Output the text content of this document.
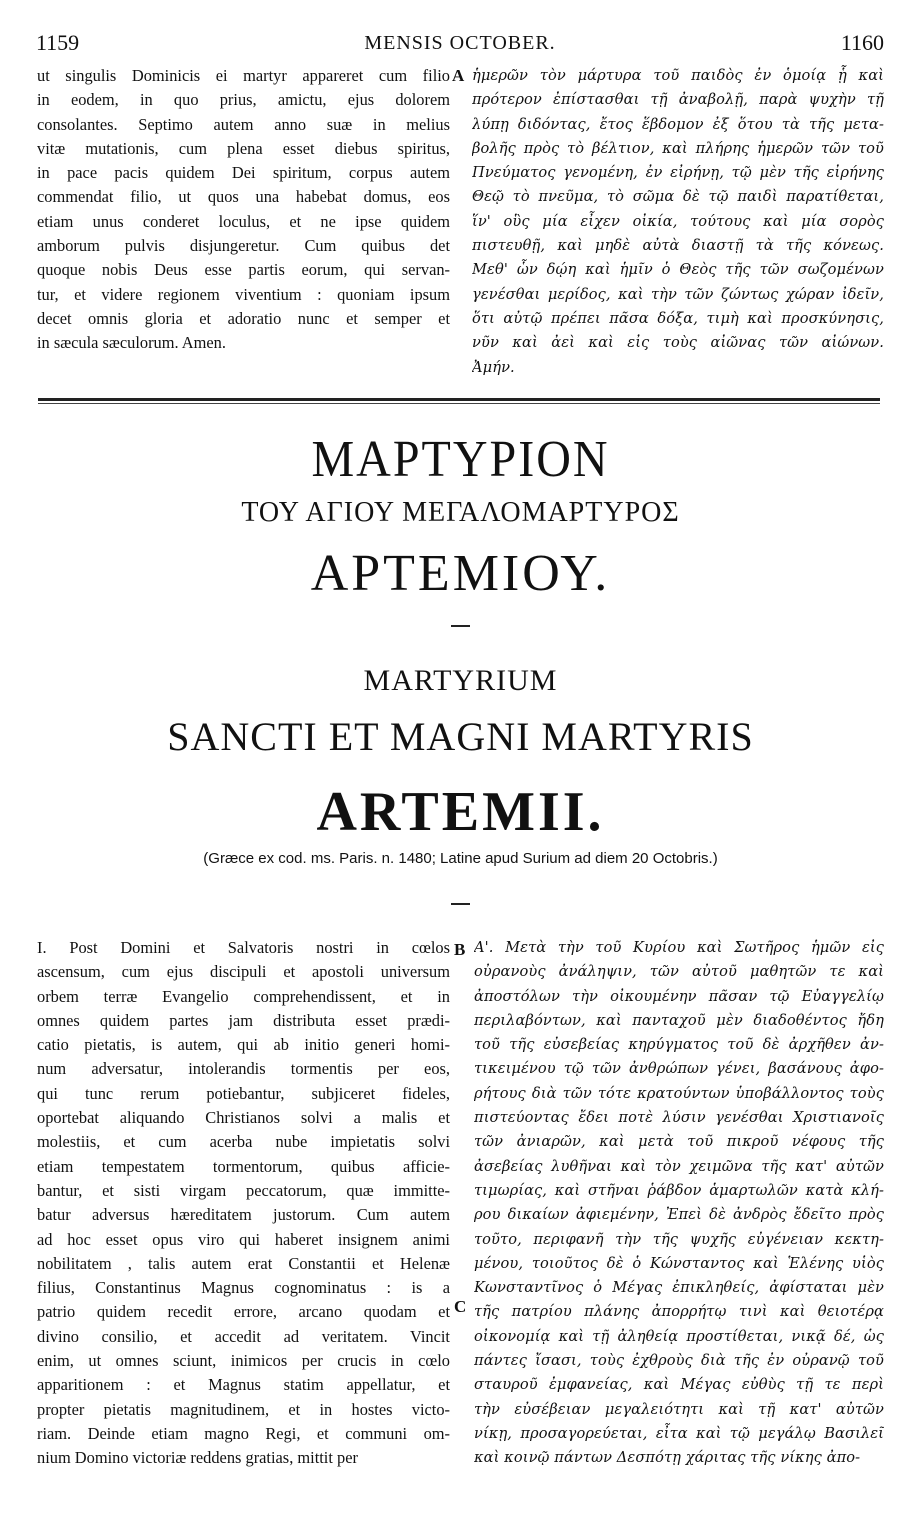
1159	MENSIS OCTOBER.	1160
ut singulis Dominicis ei martyr appareret cum filio
in eodem, in quo prius, amictu, ejus dolorem
consolantes. Septimo autem anno suæ in melius
vitæ mutationis, cum plena esset diebus spiritus,
in pace pacis quidem Dei spiritum, corpus autem
commendat filio, ut quos una habebat domus, eos
etiam unus conderet loculus, et ne ipse quidem
amborum pulvis disjungeretur. Cum quibus det
quoque nobis Deus esse partis eorum, qui servan-
tur, et videre regionem viventium : quoniam ipsum
decet omnis gloria et adoratio nunc et semper et
in sæcula sæculorum. Amen.
A ἡμερῶν τὸν μάρτυρα τοῦ παιδὸς ἐν ὁμοίᾳ ᾗ καὶ
πρότερον ἐπίστασθαι τῇ ἀναβολῇ, παρὰ ψυχὴν τῇ
λύπῃ διδόντας, ἔτος ἕβδομον ἐξ ὅτου τὰ τῆς μετα-
βολῆς πρὸς τὸ βέλτιον, καὶ πλήρης ἡμερῶν τῶν τοῦ
Πνεύματος γενομένη, ἐν εἰρήνῃ, τῷ μὲν τῆς εἰρήνης
Θεῷ τὸ πνεῦμα, τὸ σῶμα δὲ τῷ παιδὶ παρατίθεται,
ἵν' οὓς μία εἶχεν οἰκία, τούτους καὶ μία σορὸς
πιστευθῇ, καὶ μηδὲ αὐτὰ διαστῇ τὰ τῆς κόνεως.
Μεθ' ὧν δῴη καὶ ἡμῖν ὁ Θεὸς τῆς τῶν σωζομένων
γενέσθαι μερίδος, καὶ τὴν τῶν ζώντως χώραν ἰδεῖν,
ὅτι αὐτῷ πρέπει πᾶσα δόξα, τιμὴ καὶ προσκύνησις,
νῦν καὶ ἀεὶ καὶ εἰς τοὺς αἰῶνας τῶν αἰώνων.
Ἀμήν.
ΜΑΡΤΥΡΙΟΝ
ΤΟΥ ΑΓΙΟΥ ΜΕΓΑΛΟΜΑΡΤΥΡΟΣ
ΑΡΤΕΜΙΟΥ.
MARTYRIUM
SANCTI ET MAGNI MARTYRIS
ARTEMII.
(Græce ex cod. ms. Paris. n. 1480; Latine apud Surium ad diem 20 Octobris.)
I. Post Domini et Salvatoris nostri in cœlos
ascensum, cum ejus discipuli et apostoli universum
orbem terræ Evangelio comprehendissent, et in
omnes quidem partes jam distributa esset prædi-
catio pietatis, is autem, qui ab initio generi homi-
num adversatur, intolerandis tormentis per eos,
qui tunc rerum potiebantur, subjiceret fideles,
oportebat aliquando Christianos solvi a malis et
molestiis, et cum acerba nube impietatis solvi
etiam tempestatem tormentorum, quibus afficie-
bantur, et sisti virgam peccatorum, quæ immitte-
batur adversus hæreditatem justorum. Cum autem
ad hoc esset opus viro qui haberet insignem animi
nobilitatem , talis autem erat Constantii et Helenæ
filius, Constantinus Magnus cognominatus : is a
patrio quidem recedit errore, arcano quodam et
divino consilio, et accedit ad veritatem. Vincit
enim, ut omnes sciunt, inimicos per crucis in cœlo
apparitionem : et Magnus statim appellatur, et
propter pietatis magnitudinem, et in hostes victo-
riam. Deinde etiam magno Regi, et communi om-
nium Domino victoriæ reddens gratias, mittit per
B
C
Α'. Μετὰ τὴν τοῦ Κυρίου καὶ Σωτῆρος ἡμῶν εἰς
οὐρανοὺς ἀνάληψιν, τῶν αὐτοῦ μαθητῶν τε καὶ
ἀποστόλων τὴν οἰκουμένην πᾶσαν τῷ Εὐαγγελίῳ
περιλαβόντων, καὶ πανταχοῦ μὲν διαδοθέντος ἤδη
τοῦ τῆς εὐσεβείας κηρύγματος τοῦ δὲ ἀρχῆθεν ἀν-
τικειμένου τῷ τῶν ἀνθρώπων γένει, βασάνους ἀφο-
ρήτους διὰ τῶν τότε κρατούντων ὑποβάλλοντος τοὺς
πιστεύοντας ἔδει ποτὲ λύσιν γενέσθαι Χριστιανοῖς
τῶν ἀνιαρῶν, καὶ μετὰ τοῦ πικροῦ νέφους τῆς
ἀσεβείας λυθῆναι καὶ τὸν χειμῶνα τῆς κατ' αὐτῶν
τιμωρίας, καὶ στῆναι ῥάβδον ἁμαρτωλῶν κατὰ κλή-
ρου δικαίων ἀφιεμένην, Ἐπεὶ δὲ ἀνδρὸς ἔδεῖτο πρὸς
τοῦτο, περιφανῆ τὴν τῆς ψυχῆς εὐγένειαν κεκτη-
μένου, τοιοῦτος δὲ ὁ Κώνσταντος καὶ Ἑλένης υἱὸς
Κωνσταντῖνος ὁ Μέγας ἐπικληθείς, ἀφίσταται μὲν
τῆς πατρίου πλάνης ἀπορρήτῳ τινὶ καὶ θειοτέρᾳ
οἰκονομίᾳ καὶ τῇ ἀληθείᾳ προστίθεται, νικᾷ δέ, ὡς
πάντες ἴσασι, τοὺς ἐχθροὺς διὰ τῆς ἐν οὐρανῷ τοῦ
σταυροῦ ἐμφανείας, καὶ Μέγας εὐθὺς τῇ τε περὶ
τὴν εὐσέβειαν μεγαλειότητι καὶ τῇ κατ' αὐτῶν
νίκῃ, προσαγορεύεται, εἶτα καὶ τῷ μεγάλῳ Βασιλεῖ
καὶ κοινῷ πάντων Δεσπότῃ χάριτας τῆς νίκης ἀπο-
